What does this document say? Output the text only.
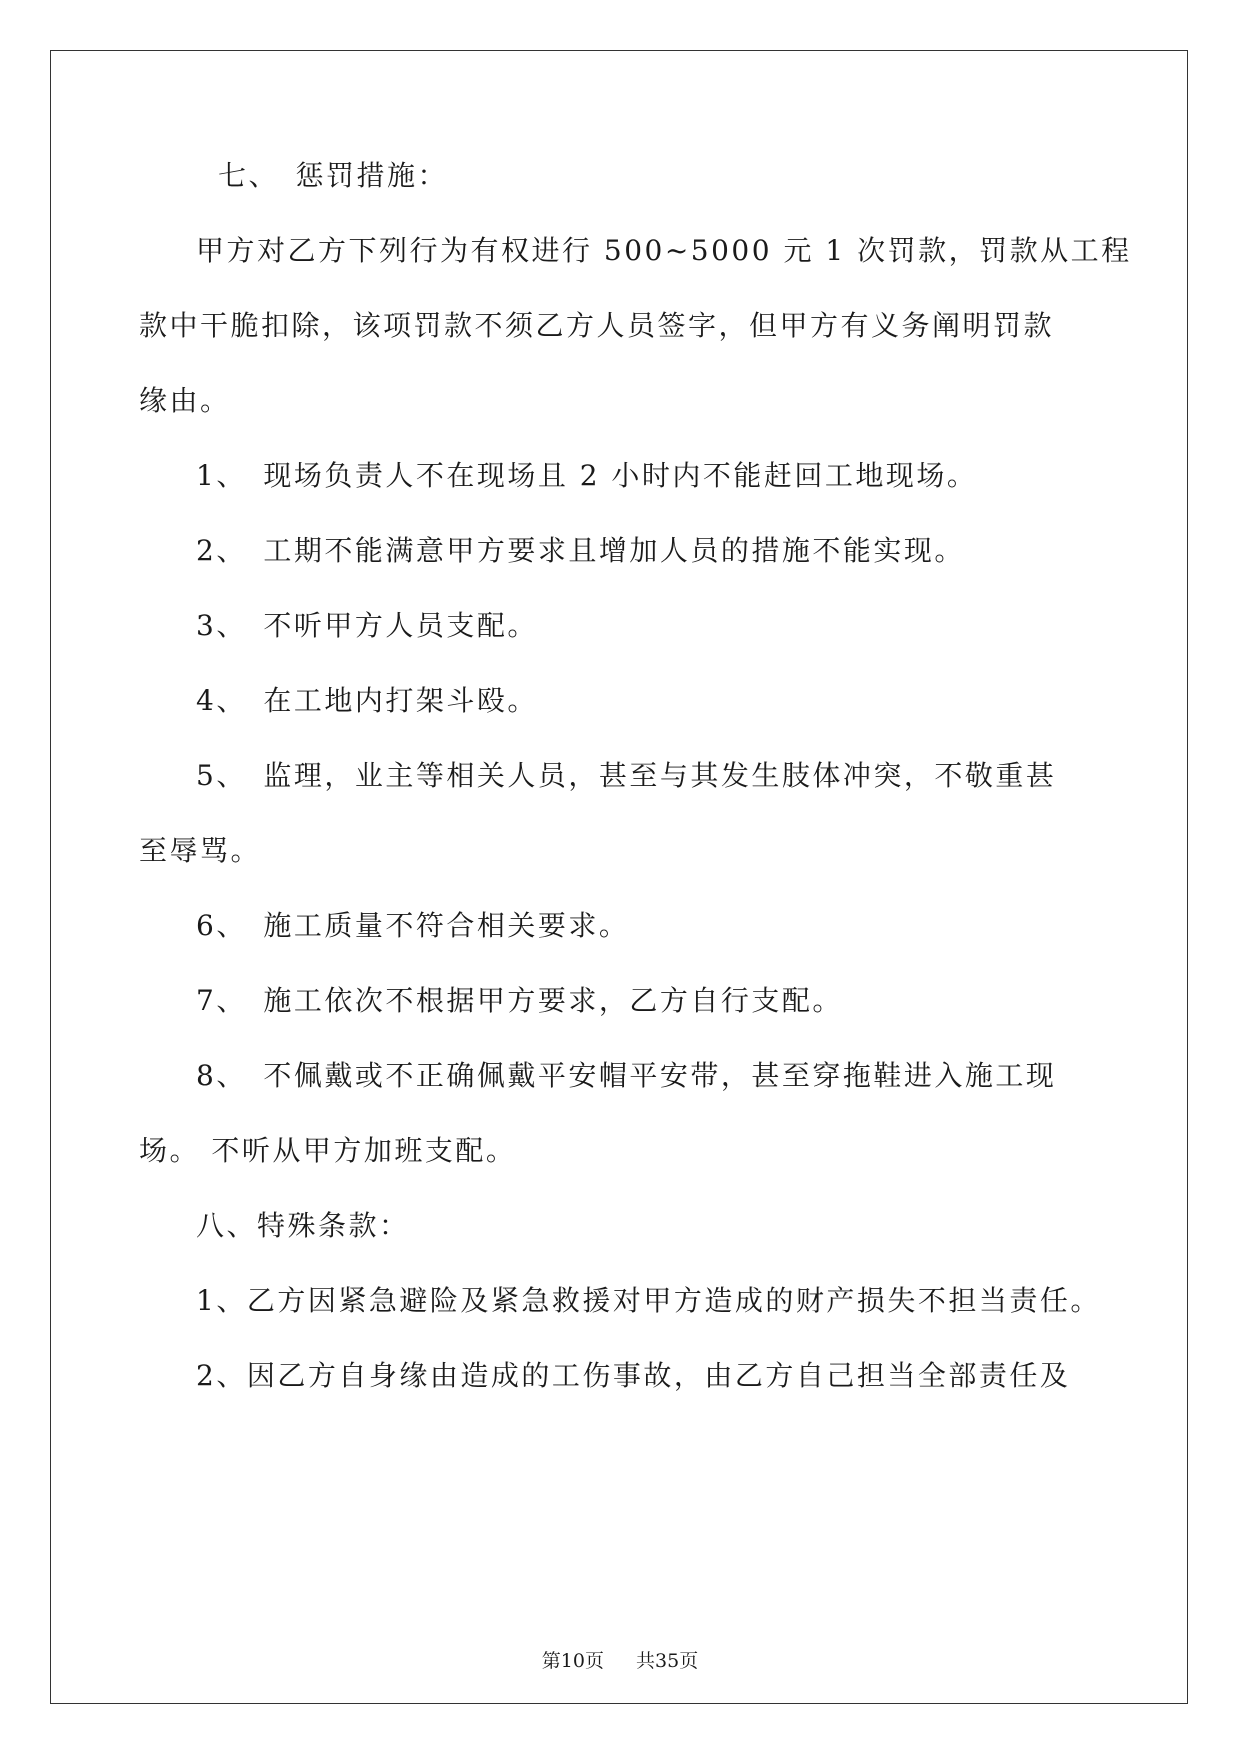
七、　惩罚措施：
甲方对乙方下列行为有权进行 500~5000 元 1 次罚款，罚款从工程
款中干脆扣除，该项罚款不须乙方人员签字，但甲方有义务阐明罚款
缘由。
1、　现场负责人不在现场且 2 小时内不能赶回工地现场。
2、　工期不能满意甲方要求且增加人员的措施不能实现。
3、　不听甲方人员支配。
4、　在工地内打架斗殴。
5、　监理，业主等相关人员，甚至与其发生肢体冲突，不敬重甚
至辱骂。
6、　施工质量不符合相关要求。
7、　施工依次不根据甲方要求，乙方自行支配。
8、　不佩戴或不正确佩戴平安帽平安带，甚至穿拖鞋进入施工现
场。 不听从甲方加班支配。
八、特殊条款：
1、乙方因紧急避险及紧急救援对甲方造成的财产损失不担当责任。
2、因乙方自身缘由造成的工伤事故，由乙方自己担当全部责任及
第10页 共35页
